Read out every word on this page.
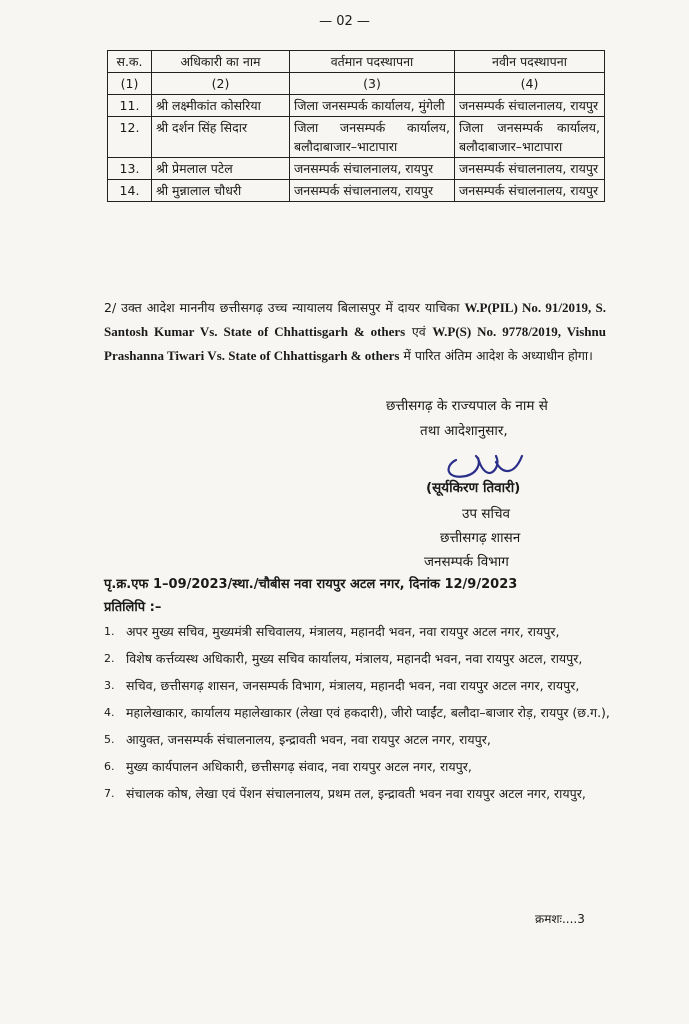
— 02 —
स.क.	अधिकारी का नाम	वर्तमान पदस्थापना	नवीन पदस्थापना
(1)	(2)	(3)	(4)
11.	श्री लक्ष्मीकांत कोसरिया	जिला जनसम्पर्क कार्यालय, मुंगेली	जनसम्पर्क संचालनालय, रायपुर
12.	श्री दर्शन सिंह सिदार	जिला जनसम्पर्क कार्यालय, बलौदाबाजार–भाटापारा	जिला जनसम्पर्क कार्यालय, बलौदाबाजार–भाटापारा
13.	श्री प्रेमलाल पटेल	जनसम्पर्क संचालनालय, रायपुर	जनसम्पर्क संचालनालय, रायपुर
14.	श्री मुन्नालाल चौधरी	जनसम्पर्क संचालनालय, रायपुर	जनसम्पर्क संचालनालय, रायपुर
2/ उक्त आदेश माननीय छत्तीसगढ़ उच्च न्यायालय बिलासपुर में दायर याचिका W.P(PIL) No. 91/2019, S. Santosh Kumar Vs. State of Chhattisgarh & others एवं W.P(S) No. 9778/2019, Vishnu Prashanna Tiwari Vs. State of Chhattisgarh & others में पारित अंतिम आदेश के अध्याधीन होगा।
छत्तीसगढ़ के राज्यपाल के नाम से
तथा आदेशानुसार,
(सूर्यकिरण तिवारी)
उप सचिव
छत्तीसगढ़ शासन
जनसम्पर्क विभाग
पृ.क्र.एफ 1–09/2023/स्था./चौबीस नवा रायपुर अटल नगर, दिनांक 12/9/2023
प्रतिलिपि :–
1. अपर मुख्य सचिव, मुख्यमंत्री सचिवालय, मंत्रालय, महानदी भवन, नवा रायपुर अटल नगर, रायपुर,
2. विशेष कर्त्तव्यस्थ अधिकारी, मुख्य सचिव कार्यालय, मंत्रालय, महानदी भवन, नवा रायपुर अटल, रायपुर,
3. सचिव, छत्तीसगढ़ शासन, जनसम्पर्क विभाग, मंत्रालय, महानदी भवन, नवा रायपुर अटल नगर, रायपुर,
4. महालेखाकार, कार्यालय महालेखाकार (लेखा एवं हकदारी), जीरो प्वाईंट, बलौदा–बाजार रोड़, रायपुर (छ.ग.),
5. आयुक्त, जनसम्पर्क संचालनालय, इन्द्रावती भवन, नवा रायपुर अटल नगर, रायपुर,
6. मुख्य कार्यपालन अधिकारी, छत्तीसगढ़ संवाद, नवा रायपुर अटल नगर, रायपुर,
7. संचालक कोष, लेखा एवं पेंशन संचालनालय, प्रथम तल, इन्द्रावती भवन नवा रायपुर अटल नगर, रायपुर,
क्रमशः....3
